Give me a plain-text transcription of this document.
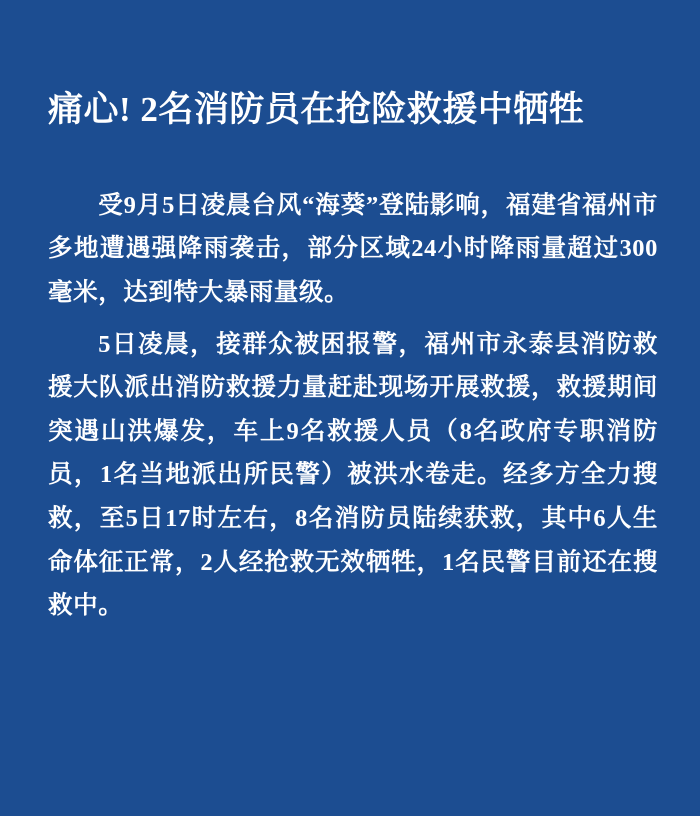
痛心! 2名消防员在抢险救援中牺牲

受9月5日凌晨台风“海葵”登陆影响，福建省福州市多地遭遇强降雨袭击，部分区域24小时降雨量超过300毫米，达到特大暴雨量级。

5日凌晨，接群众被困报警，福州市永泰县消防救援大队派出消防救援力量赶赴现场开展救援，救援期间突遇山洪爆发，车上9名救援人员（8名政府专职消防员，1名当地派出所民警）被洪水卷走。经多方全力搜救，至5日17时左右，8名消防员陆续获救，其中6人生命体征正常，2人经抢救无效牺牲，1名民警目前还在搜救中。
